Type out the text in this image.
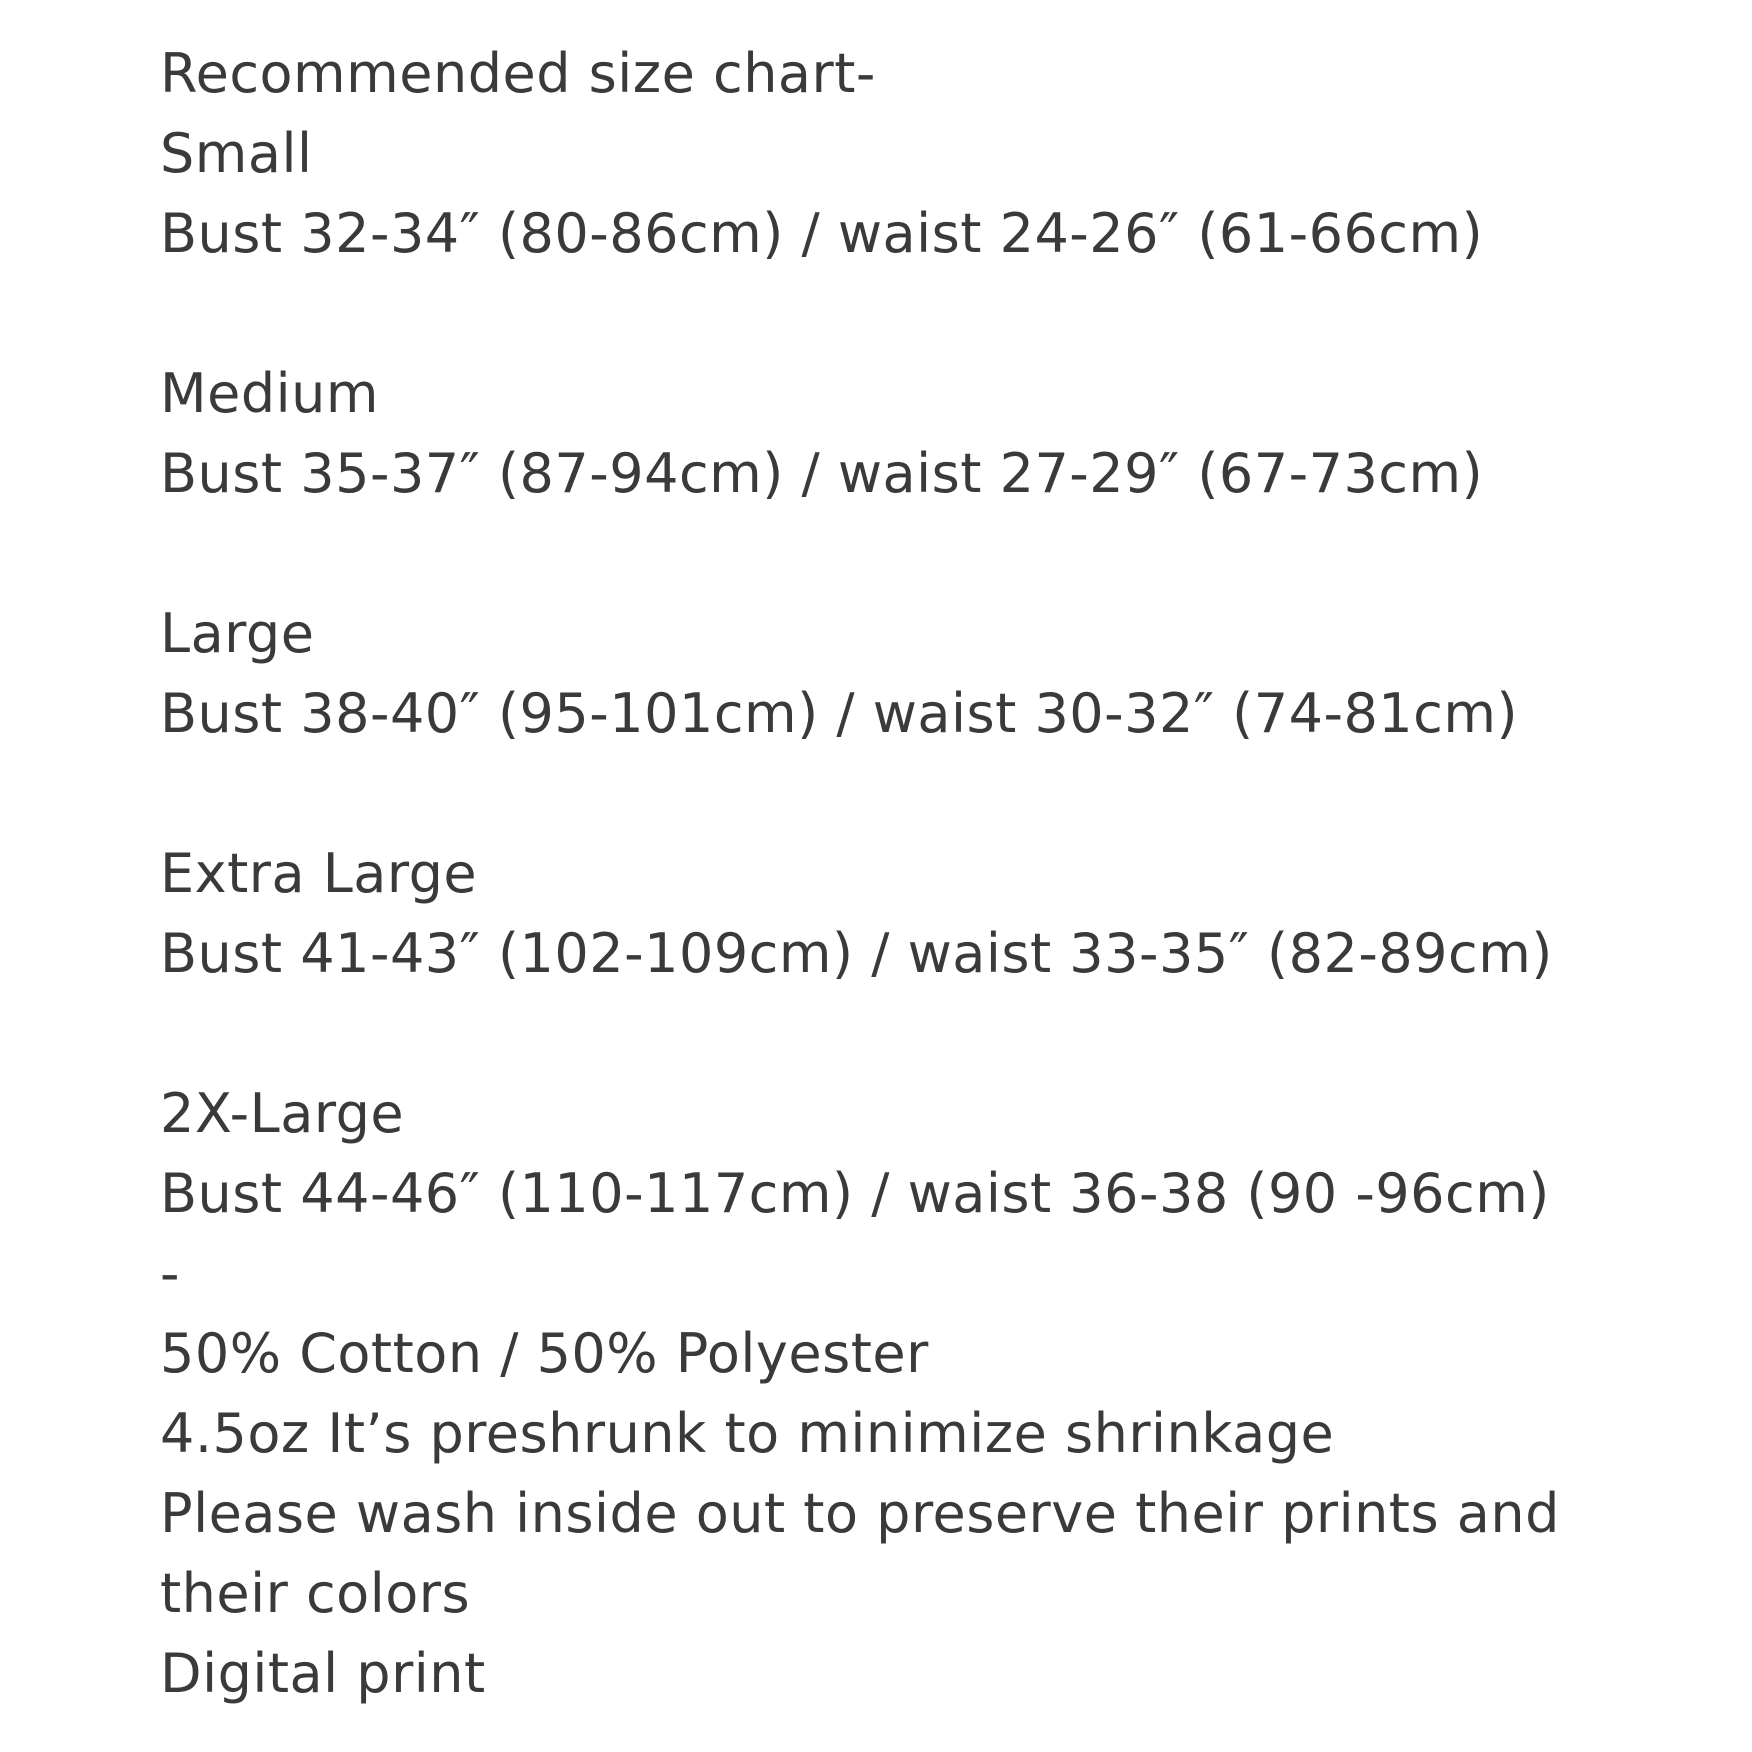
Recommended size chart-
Small
Bust 32-34″ (80-86cm) / waist 24-26″ (61-66cm)
Medium
Bust 35-37″ (87-94cm) / waist 27-29″ (67-73cm)
Large
Bust 38-40″ (95-101cm) / waist 30-32″ (74-81cm)
Extra Large
Bust 41-43″ (102-109cm) / waist 33-35″ (82-89cm)
2X-Large
Bust 44-46″ (110-117cm) / waist 36-38 (90 -96cm)
-
50% Cotton / 50% Polyester
4.5oz It’s preshrunk to minimize shrinkage
Please wash inside out to preserve their prints and
their colors
Digital print
